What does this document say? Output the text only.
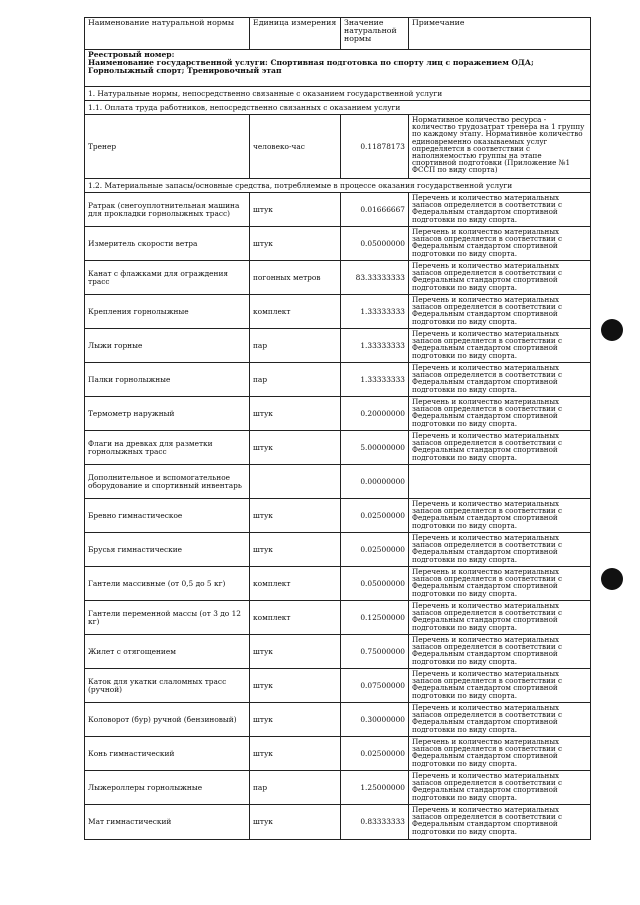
Наименование натуральной нормы	Единица измерения	Значение натуральной нормы	Примечание
Реестровый номер:
Наименование государственной услуги: Спортивная подготовка по спорту лиц с поражением ОДА; Горнолыжный спорт; Тренировочный этап			
1. Натуральные нормы, непосредственно связанные с оказанием государственной услуги			
1.1. Оплата труда работников, непосредственно связанных с оказанием услуги			
Тренер	человеко-час	0.11878173	Нормативное количество ресурса - количество трудозатрат тренера на 1 группу по каждому этапу. Нормативное количество единовременно оказываемых услуг определяется в соответствии с наполняемостью группы на этапе спортивной подготовки (Приложение №1 ФССП по виду спорта)
1.2. Материальные запасы/основные средства, потребляемые в процессе оказания государственной услуги			
Ратрак (снегоуплотнительная машина для прокладки горнолыжных трасс)	штук	0.01666667	Перечень и количество материальных запасов определяется в соответствии с Федеральным стандартом спортивной подготовки по виду спорта.
Измеритель скорости ветра	штук	0.05000000	Перечень и количество материальных запасов определяется в соответствии с Федеральным стандартом спортивной подготовки по виду спорта.
Канат с флажками для ограждения трасс	погонных метров	83.33333333	Перечень и количество материальных запасов определяется в соответствии с Федеральным стандартом спортивной подготовки по виду спорта.
Крепления горнолыжные	комплект	1.33333333	Перечень и количество материальных запасов определяется в соответствии с Федеральным стандартом спортивной подготовки по виду спорта.
Лыжи горные	пар	1.33333333	Перечень и количество материальных запасов определяется в соответствии с Федеральным стандартом спортивной подготовки по виду спорта.
Палки горнолыжные	пар	1.33333333	Перечень и количество материальных запасов определяется в соответствии с Федеральным стандартом спортивной подготовки по виду спорта.
Термометр наружный	штук	0.20000000	Перечень и количество материальных запасов определяется в соответствии с Федеральным стандартом спортивной подготовки по виду спорта.
Флаги на древках для разметки горнолыжных трасс	штук	5.00000000	Перечень и количество материальных запасов определяется в соответствии с Федеральным стандартом спортивной подготовки по виду спорта.
Дополнительное и вспомогательное оборудование и спортивный инвентарь		0.00000000	
Бревно гимнастическое	штук	0.02500000	Перечень и количество материальных запасов определяется в соответствии с Федеральным стандартом спортивной подготовки по виду спорта.
Брусья гимнастические	штук	0.02500000	Перечень и количество материальных запасов определяется в соответствии с Федеральным стандартом спортивной подготовки по виду спорта.
Гантели массивные (от 0,5 до 5 кг)	комплект	0.05000000	Перечень и количество материальных запасов определяется в соответствии с Федеральным стандартом спортивной подготовки по виду спорта.
Гантели переменной массы (от 3 до 12 кг)	комплект	0.12500000	Перечень и количество материальных запасов определяется в соответствии с Федеральным стандартом спортивной подготовки по виду спорта.
Жилет с отягощением	штук	0.75000000	Перечень и количество материальных запасов определяется в соответствии с Федеральным стандартом спортивной подготовки по виду спорта.
Каток для укатки слаломных трасс (ручной)	штук	0.07500000	Перечень и количество материальных запасов определяется в соответствии с Федеральным стандартом спортивной подготовки по виду спорта.
Коловорот (бур) ручной (бензиновый)	штук	0.30000000	Перечень и количество материальных запасов определяется в соответствии с Федеральным стандартом спортивной подготовки по виду спорта.
Конь гимнастический	штук	0.02500000	Перечень и количество материальных запасов определяется в соответствии с Федеральным стандартом спортивной подготовки по виду спорта.
Лыжероллеры горнолыжные	пар	1.25000000	Перечень и количество материальных запасов определяется в соответствии с Федеральным стандартом спортивной подготовки по виду спорта.
Мат гимнастический	штук	0.83333333	Перечень и количество материальных запасов определяется в соответствии с Федеральным стандартом спортивной подготовки по виду спорта.
